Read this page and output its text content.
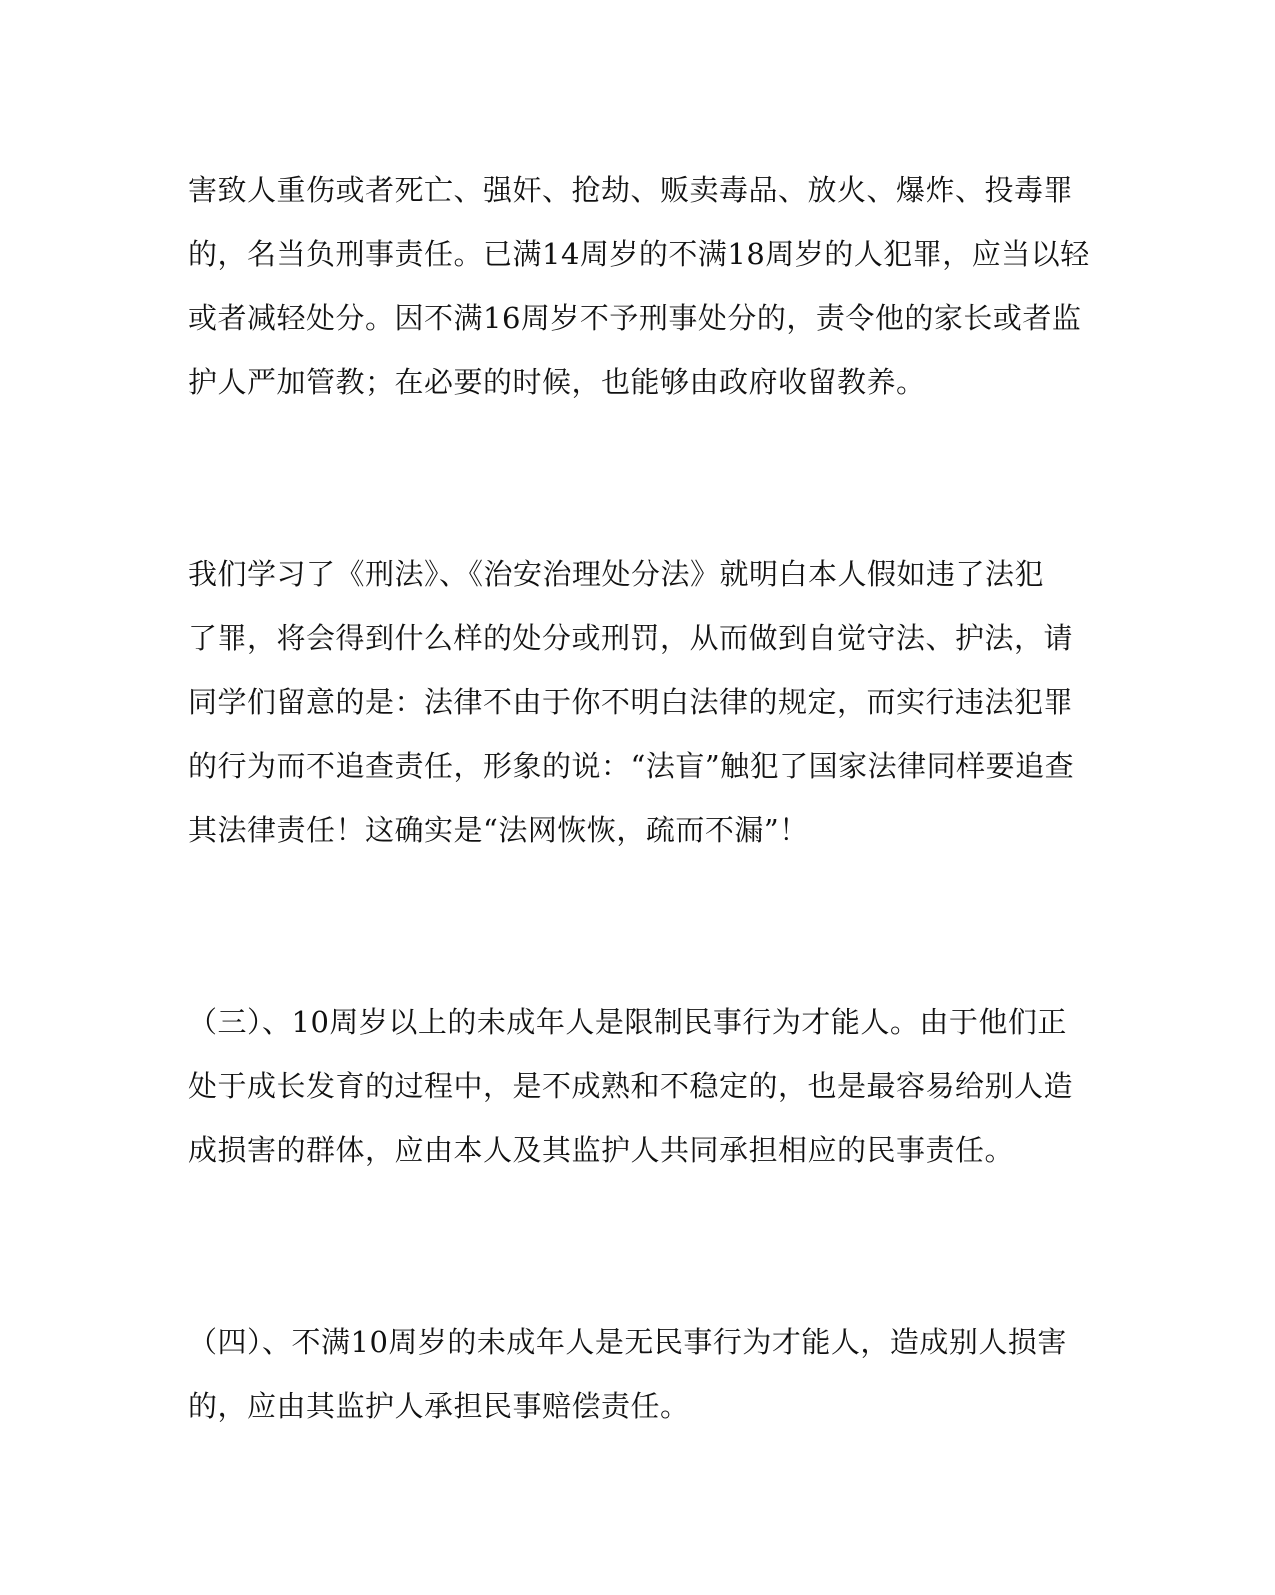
害致人重伤或者死亡、强奸、抢劫、贩卖毒品、放火、爆炸、投毒罪
的，名当负刑事责任。已满14周岁的不满18周岁的人犯罪，应当以轻
或者减轻处分。因不满16周岁不予刑事处分的，责令他的家长或者监
护人严加管教；在必要的时候，也能够由政府收留教养。
我们学习了《刑法》、《治安治理处分法》就明白本人假如违了法犯
了罪，将会得到什么样的处分或刑罚，从而做到自觉守法、护法，请
同学们留意的是：法律不由于你不明白法律的规定，而实行违法犯罪
的行为而不追查责任，形象的说：“法盲”触犯了国家法律同样要追查
其法律责任！这确实是“法网恢恢，疏而不漏”！
（三）、10周岁以上的未成年人是限制民事行为才能人。由于他们正
处于成长发育的过程中，是不成熟和不稳定的，也是最容易给别人造
成损害的群体，应由本人及其监护人共同承担相应的民事责任。
（四）、不满10周岁的未成年人是无民事行为才能人，造成别人损害
的，应由其监护人承担民事赔偿责任。
